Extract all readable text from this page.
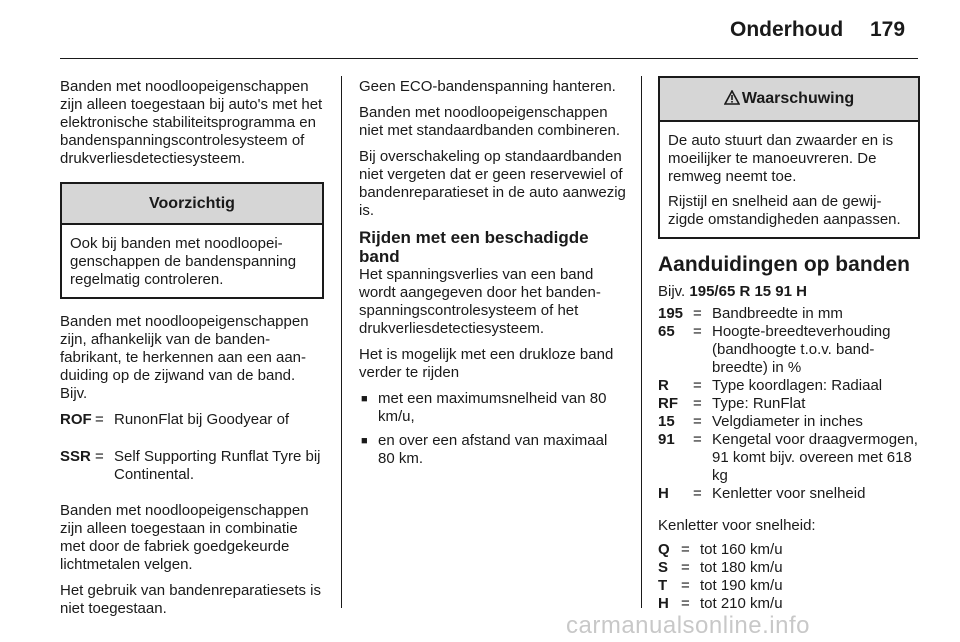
Onderhoud 179

Banden met noodloopeigenschappen zijn alleen toegestaan bij auto's met het elektronische stabiliteitsprogramma en bandenspanningscontrolesysteem of drukverliesdetectiesysteem.

Voorzichtig

Ook bij banden met noodloopeigenschappen de bandenspanning regelmatig controleren.

Banden met noodloopeigenschappen zijn, afhankelijk van de bandenfabrikant, te herkennen aan een aanduiding op de zijwand van de band. Bijv.

ROF = RunonFlat bij Goodyear of
SSR = Self Supporting Runflat Tyre bij Continental.

Banden met noodloopeigenschappen zijn alleen toegestaan in combinatie met door de fabriek goedgekeurde lichtmetalen velgen.

Het gebruik van bandenreparatiesets is niet toegestaan.

Geen ECO-bandenspanning hanteren.

Banden met noodloopeigenschappen niet met standaardbanden combineren.

Bij overschakeling op standaardbanden niet vergeten dat er geen reservewiel of bandenreparatieset in de auto aanwezig is.

Rijden met een beschadigde band

Het spanningsverlies van een band wordt aangegeven door het bandenspanningscontrolesysteem of het drukverliesdetectiesysteem.

Het is mogelijk met een drukloze band verder te rijden

■ met een maximumsnelheid van 80 km/u,
■ en over een afstand van maximaal 80 km.
Waarschuwing

De auto stuurt dan zwaarder en is moeilijker te manoeuvreren. De remweg neemt toe.

Rijstijl en snelheid aan de gewijzigde omstandigheden aanpassen.

Aanduidingen op banden
Bijv. 195/65 R 15 91 H
195 = Bandbreedte in mm
65	= Hoogte-breedteverhouding (bandhoogte t.o.v. bandbreedte) in %
R	= Type koordlagen: Radiaal
RF	= Type: RunFlat
15	= Velgdiameter in inches
91	= Kengetal voor draagvermogen, 91 komt bijv. overeen met 618 kg
H	= Kenletter voor snelheid

Kenletter voor snelheid:

Q = tot 160 km/u
S = tot 180 km/u
T = tot 190 km/u
H = tot 210 km/u
carmanualsonline.info
